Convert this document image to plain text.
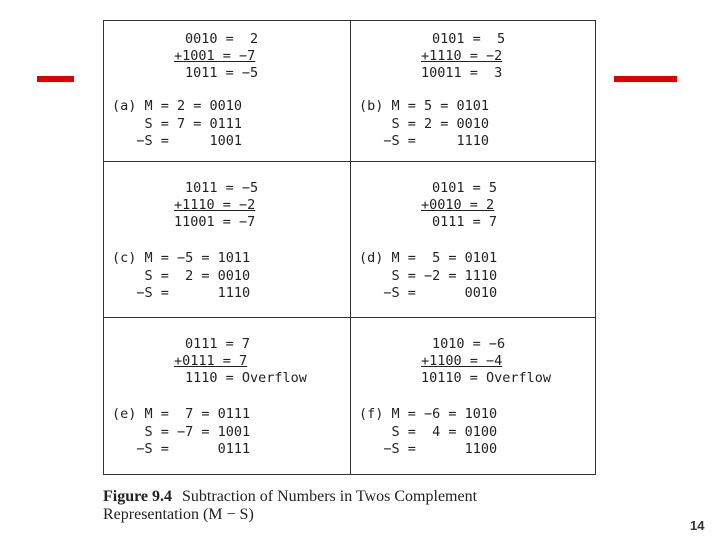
0010 =  2
+1001 = −7
1011 = −5
(a) M = 2 = 0010
S = 7 = 0111
−S =     1001
0101 =  5
+1110 = −2
10011 =  3
(b) M = 5 = 0101
S = 2 = 0010
−S =     1110
1011 = −5
+1110 = −2
11001 = −7
(c) M = −5 = 1011
S =  2 = 0010
−S =      1110
0101 = 5
+0010 = 2
0111 = 7
(d) M =  5 = 0101
S = −2 = 1110
−S =      0010
0111 = 7
+0111 = 7
1110 = Overflow
(e) M =  7 = 0111
S = −7 = 1001
−S =      0111
1010 = −6
+1100 = −4
10110 = Overflow
(f) M = −6 = 1010
S =  4 = 0100
−S =      1100
Figure 9.4 Subtraction of Numbers in Twos Complement Representation (M − S)
14
